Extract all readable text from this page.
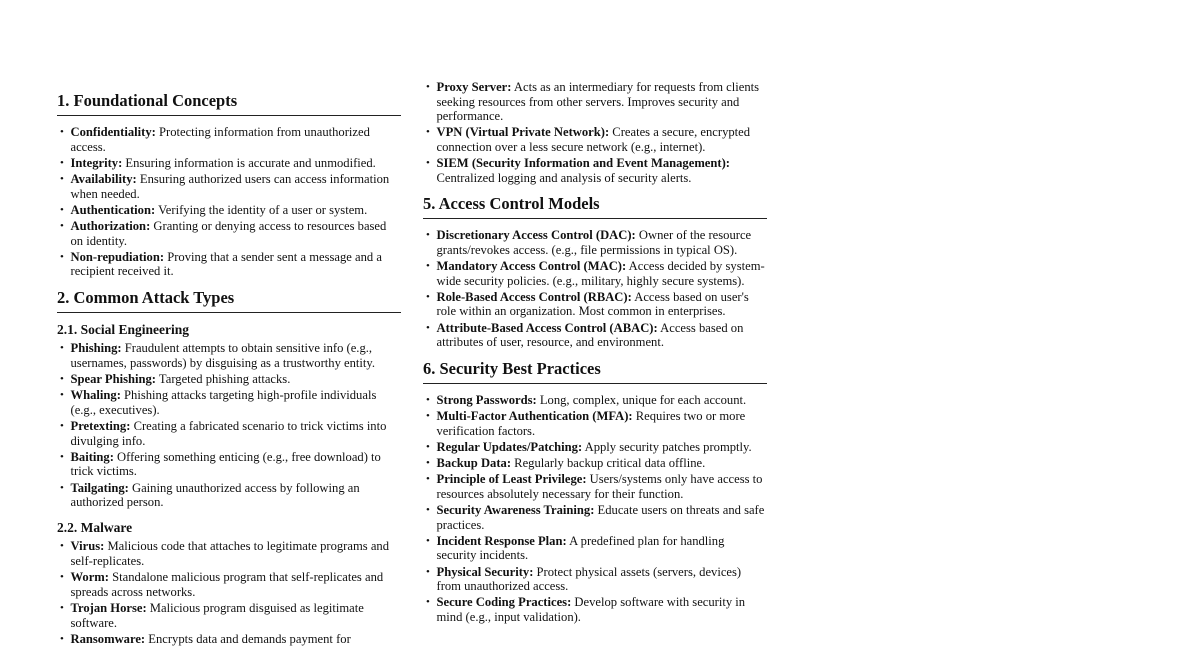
1. Foundational Concepts
• Confidentiality: Protecting information from unauthorized access.
• Integrity: Ensuring information is accurate and unmodified.
• Availability: Ensuring authorized users can access information when needed.
• Authentication: Verifying the identity of a user or system.
• Authorization: Granting or denying access to resources based on identity.
• Non-repudiation: Proving that a sender sent a message and a recipient received it.
2. Common Attack Types
2.1. Social Engineering
• Phishing: Fraudulent attempts to obtain sensitive info (e.g., usernames, passwords) by disguising as a trustworthy entity.
• Spear Phishing: Targeted phishing attacks.
• Whaling: Phishing attacks targeting high-profile individuals (e.g., executives).
• Pretexting: Creating a fabricated scenario to trick victims into divulging info.
• Baiting: Offering something enticing (e.g., free download) to trick victims.
• Tailgating: Gaining unauthorized access by following an authorized person.
2.2. Malware
• Virus: Malicious code that attaches to legitimate programs and self-replicates.
• Worm: Standalone malicious program that self-replicates and spreads across networks.
• Trojan Horse: Malicious program disguised as legitimate software.
• Ransomware: Encrypts data and demands payment for
• Proxy Server: Acts as an intermediary for requests from clients seeking resources from other servers. Improves security and performance.
• VPN (Virtual Private Network): Creates a secure, encrypted connection over a less secure network (e.g., internet).
• SIEM (Security Information and Event Management): Centralized logging and analysis of security alerts.
5. Access Control Models
• Discretionary Access Control (DAC): Owner of the resource grants/revokes access. (e.g., file permissions in typical OS).
• Mandatory Access Control (MAC): Access decided by system-wide security policies. (e.g., military, highly secure systems).
• Role-Based Access Control (RBAC): Access based on user's role within an organization. Most common in enterprises.
• Attribute-Based Access Control (ABAC): Access based on attributes of user, resource, and environment.
6. Security Best Practices
• Strong Passwords: Long, complex, unique for each account.
• Multi-Factor Authentication (MFA): Requires two or more verification factors.
• Regular Updates/Patching: Apply security patches promptly.
• Backup Data: Regularly backup critical data offline.
• Principle of Least Privilege: Users/systems only have access to resources absolutely necessary for their function.
• Security Awareness Training: Educate users on threats and safe practices.
• Incident Response Plan: A predefined plan for handling security incidents.
• Physical Security: Protect physical assets (servers, devices) from unauthorized access.
• Secure Coding Practices: Develop software with security in mind (e.g., input validation).
